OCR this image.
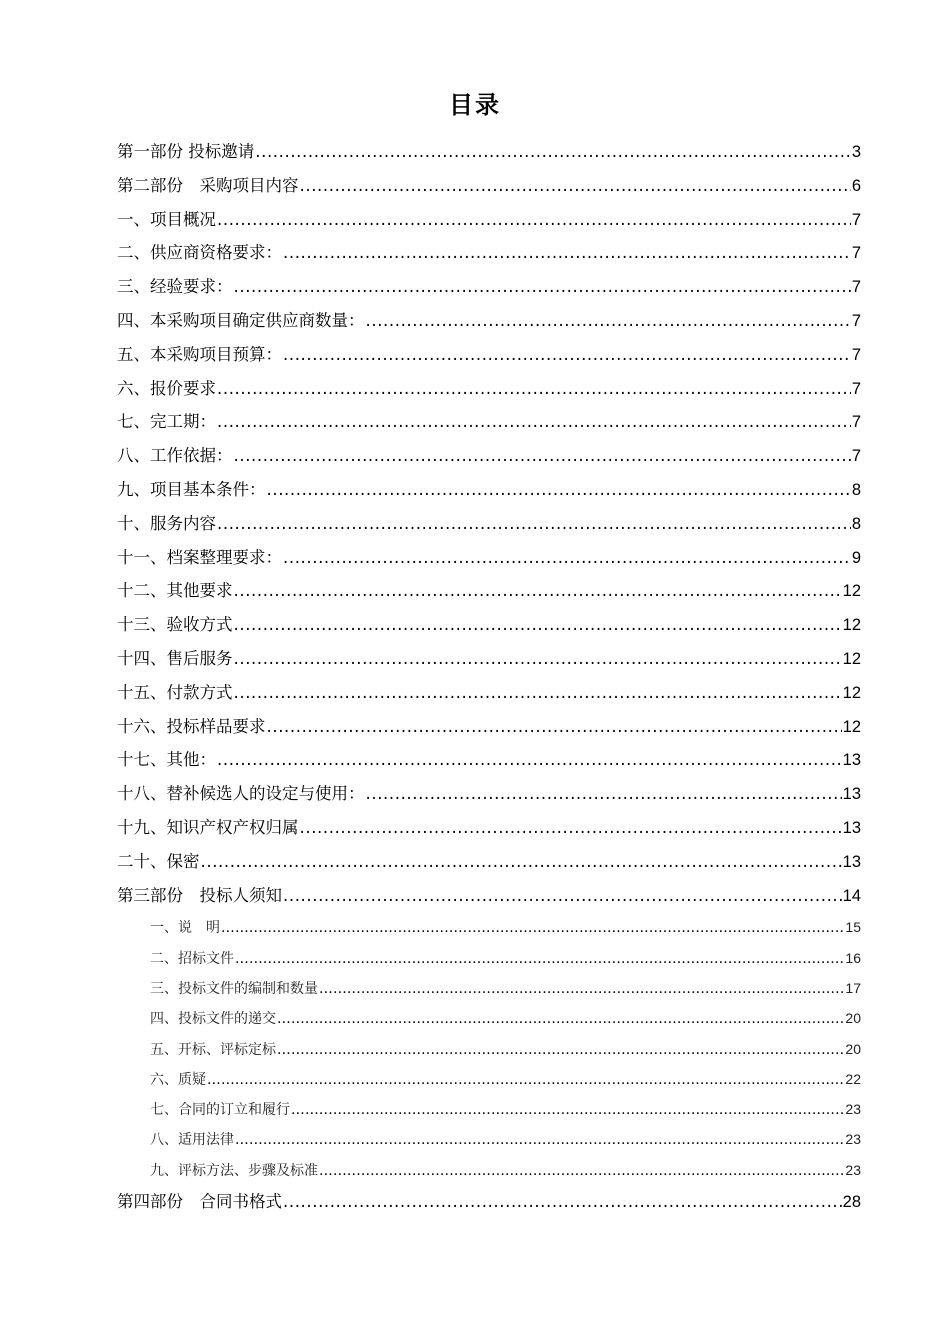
目录
第一部份 投标邀请 .....	3
第二部份　采购项目内容 .....	6
一、项目概况 .....	7
二、供应商资格要求： .....	7
三、经验要求： .....	7
四、本采购项目确定供应商数量： .....	7
五、本采购项目预算： .....	7
六、报价要求 .....	7
七、完工期： .....	7
八、工作依据： .....	7
九、项目基本条件： .....	8
十、服务内容 .....	8
十一、档案整理要求： .....	9
十二、其他要求 .....	12
十三、验收方式 .....	12
十四、售后服务 .....	12
十五、付款方式 .....	12
十六、投标样品要求 .....	12
十七、其他： .....	13
十八、替补候选人的设定与使用： .....	13
十九、知识产权产权归属 .....	13
二十、保密 .....	13
第三部份　投标人须知 .....	14
一、说　明 .....	15
二、招标文件 .....	16
三、投标文件的编制和数量 .....	17
四、投标文件的递交 .....	20
五、开标、评标定标 .....	20
六、质疑 .....	22
七、合同的订立和履行 .....	23
八、适用法律 .....	23
九、评标方法、步骤及标准 .....	23
第四部份　合同书格式 .....	28
